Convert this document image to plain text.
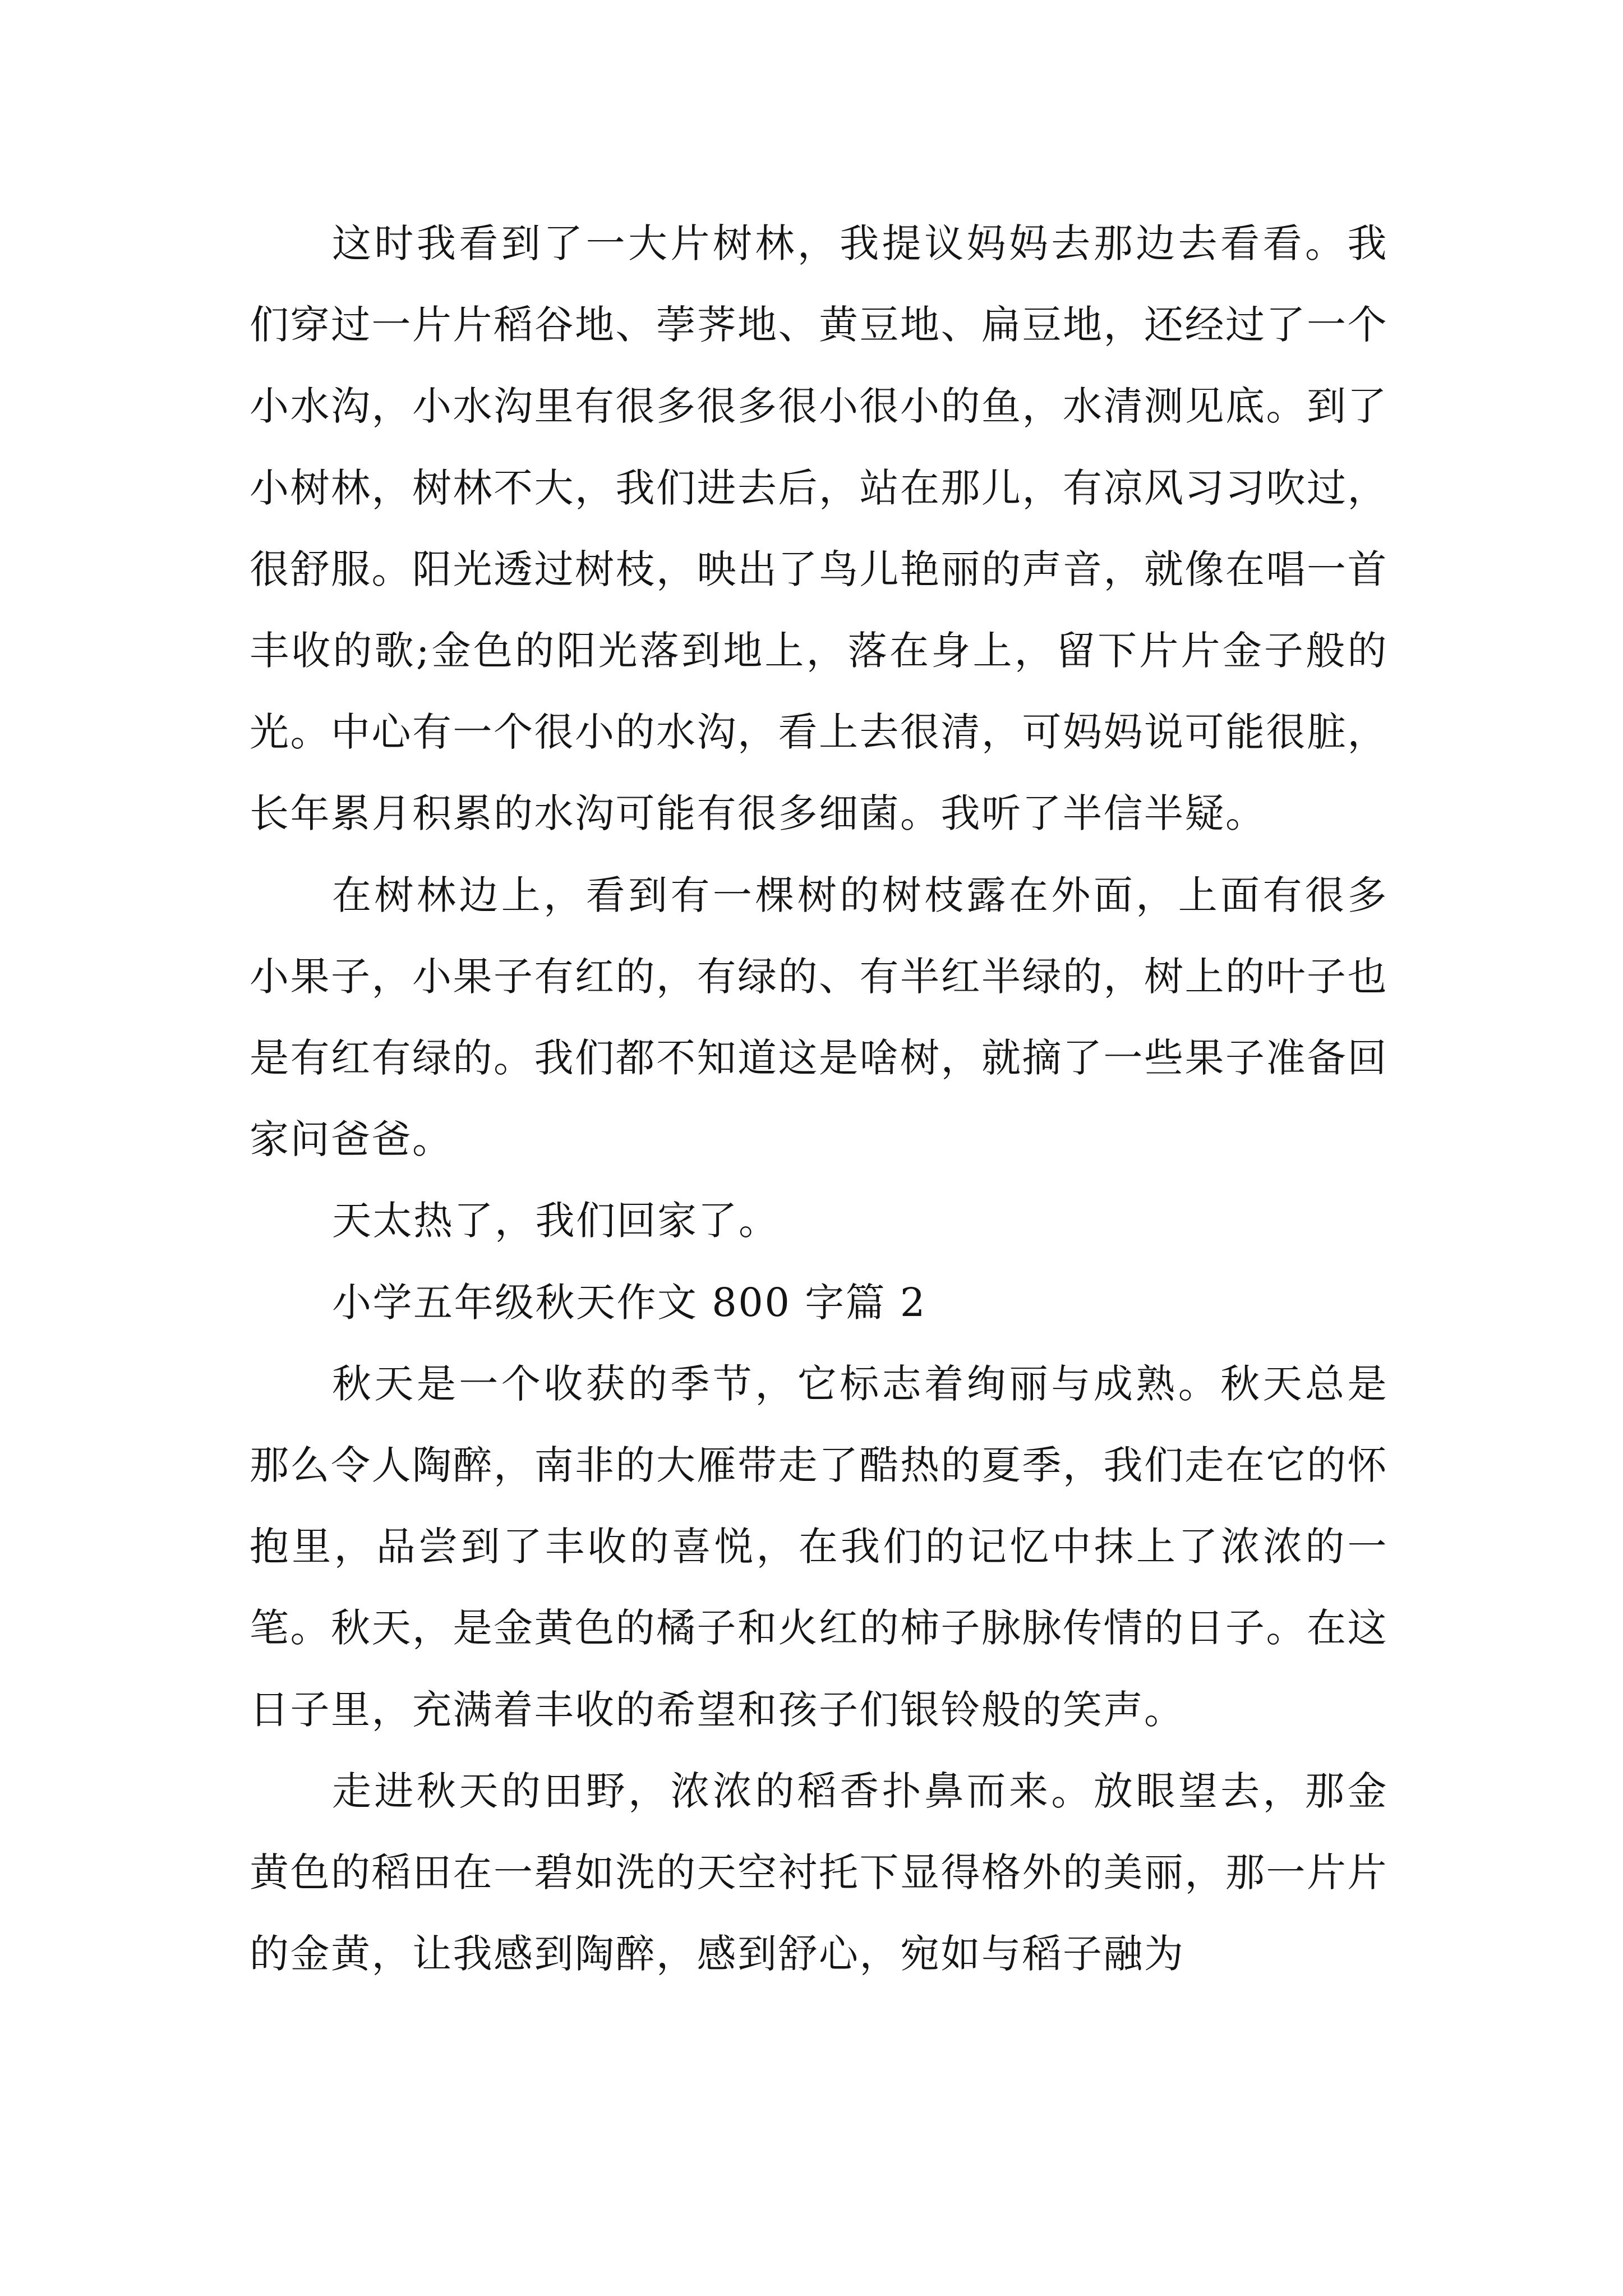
这时我看到了一大片树林，我提议妈妈去那边去看看。我们穿过一片片稻谷地、荸荠地、黄豆地、扁豆地，还经过了一个小水沟，小水沟里有很多很多很小很小的鱼，水清测见底。到了小树林，树林不大，我们进去后，站在那儿，有凉风习习吹过，很舒服。阳光透过树枝，映出了鸟儿艳丽的声音，就像在唱一首丰收的歌;金色的阳光落到地上，落在身上，留下片片金子般的光。中心有一个很小的水沟，看上去很清，可妈妈说可能很脏，长年累月积累的水沟可能有很多细菌。我听了半信半疑。

在树林边上，看到有一棵树的树枝露在外面，上面有很多小果子，小果子有红的，有绿的、有半红半绿的，树上的叶子也是有红有绿的。我们都不知道这是啥树，就摘了一些果子准备回家问爸爸。

天太热了，我们回家了。

小学五年级秋天作文 800 字篇 2

秋天是一个收获的季节，它标志着绚丽与成熟。秋天总是那么令人陶醉，南非的大雁带走了酷热的夏季，我们走在它的怀抱里，品尝到了丰收的喜悦，在我们的记忆中抹上了浓浓的一笔。秋天，是金黄色的橘子和火红的柿子脉脉传情的日子。在这日子里，充满着丰收的希望和孩子们银铃般的笑声。

走进秋天的田野，浓浓的稻香扑鼻而来。放眼望去，那金黄色的稻田在一碧如洗的天空衬托下显得格外的美丽，那一片片的金黄，让我感到陶醉，感到舒心，宛如与稻子融为
